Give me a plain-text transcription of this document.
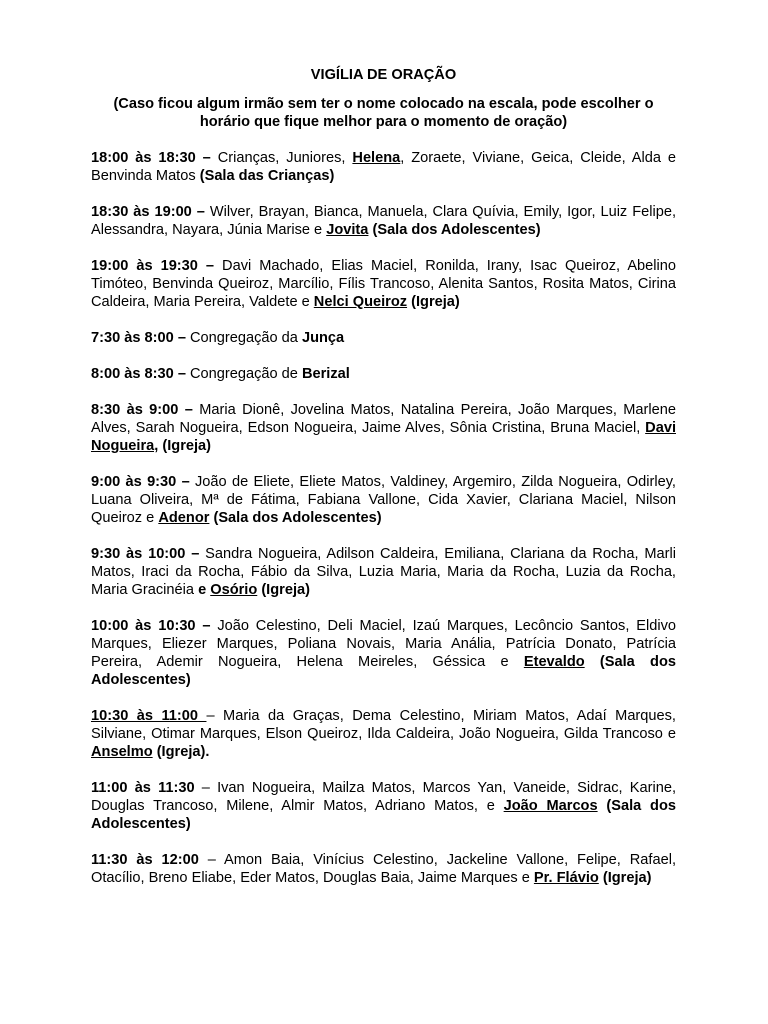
VIGÍLIA DE ORAÇÃO
(Caso ficou algum irmão sem ter o nome colocado na escala, pode escolher o horário que fique melhor para o momento de oração)

18:00 às 18:30 – Crianças, Juniores, Helena, Zoraete, Viviane, Geica, Cleide, Alda e Benvinda Matos (Sala das Crianças)

18:30 às 19:00 – Wilver, Brayan, Bianca, Manuela, Clara Quívia, Emily, Igor, Luiz Felipe, Alessandra, Nayara, Júnia Marise e Jovita (Sala dos Adolescentes)

19:00 às 19:30 – Davi Machado, Elias Maciel, Ronilda, Irany, Isac Queiroz, Abelino Timóteo, Benvinda Queiroz, Marcílio, Fílis Trancoso, Alenita Santos, Rosita Matos, Cirina Caldeira, Maria Pereira, Valdete e Nelci Queiroz (Igreja)

7:30 às 8:00 – Congregação da Junça

8:00 às 8:30 – Congregação de Berizal

8:30 às 9:00 – Maria Dionê, Jovelina Matos, Natalina Pereira, João Marques, Marlene Alves, Sarah Nogueira, Edson Nogueira, Jaime Alves, Sônia Cristina, Bruna Maciel, Davi Nogueira, (Igreja)

9:00 às 9:30 – João de Eliete, Eliete Matos, Valdiney, Argemiro, Zilda Nogueira, Odirley, Luana Oliveira, Mª de Fátima, Fabiana Vallone, Cida Xavier, Clariana Maciel, Nilson Queiroz e Adenor (Sala dos Adolescentes)

9:30 às 10:00 – Sandra Nogueira, Adilson Caldeira, Emiliana, Clariana da Rocha, Marli Matos, Iraci da Rocha, Fábio da Silva, Luzia Maria, Maria da Rocha, Luzia da Rocha, Maria Gracinéia e Osório (Igreja)

10:00 às 10:30 – João Celestino, Deli Maciel, Izaú Marques, Lecôncio Santos, Eldivo Marques, Eliezer Marques, Poliana Novais, Maria Anália, Patrícia Donato, Patrícia Pereira, Ademir Nogueira, Helena Meireles, Géssica e Etevaldo (Sala dos Adolescentes)

10:30 às 11:00 – Maria da Graças, Dema Celestino, Miriam Matos, Adaí Marques, Silviane, Otimar Marques, Elson Queiroz, Ilda Caldeira, João Nogueira, Gilda Trancoso e Anselmo (Igreja).

11:00 às 11:30 – Ivan Nogueira, Mailza Matos, Marcos Yan, Vaneide, Sidrac, Karine, Douglas Trancoso, Milene, Almir Matos, Adriano Matos, e João Marcos (Sala dos Adolescentes)

11:30 às 12:00 – Amon Baia, Vinícius Celestino, Jackeline Vallone, Felipe, Rafael, Otacílio, Breno Eliabe, Eder Matos, Douglas Baia, Jaime Marques e Pr. Flávio (Igreja)
